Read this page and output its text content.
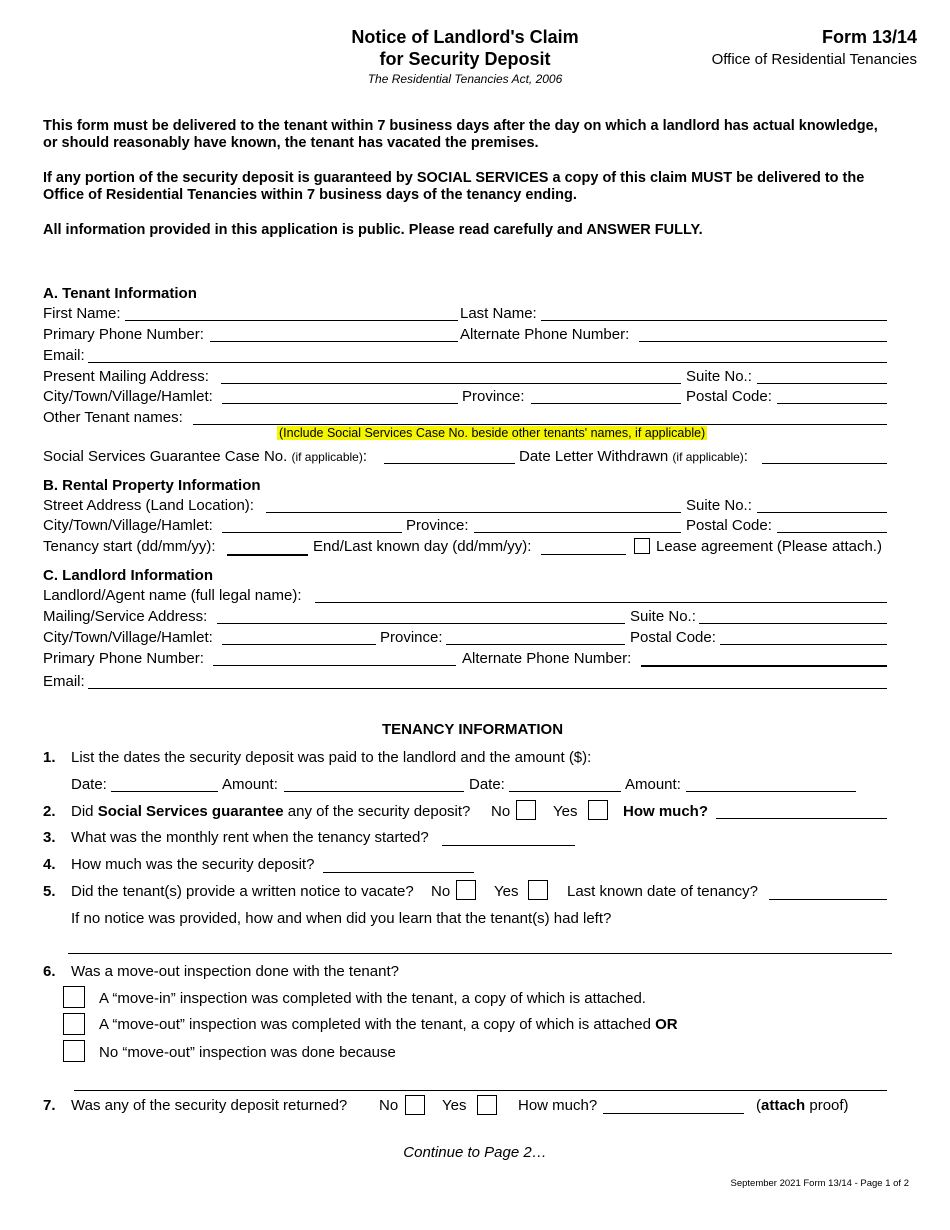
Notice of Landlord's Claim
for Security Deposit
The Residential Tenancies Act, 2006
Form 13/14
Office of Residential Tenancies
This form must be delivered to the tenant within 7 business days after the day on which a landlord has actual knowledge, or should reasonably have known, the tenant has vacated the premises.
If any portion of the security deposit is guaranteed by SOCIAL SERVICES a copy of this claim MUST be delivered to the Office of Residential Tenancies within 7 business days of the tenancy ending.
All information provided in this application is public. Please read carefully and ANSWER FULLY.
A. Tenant Information
First Name:	Last Name:
Primary Phone Number:	Alternate Phone Number:
Email:
Present Mailing Address:	Suite No.:
City/Town/Village/Hamlet:	Province:	Postal Code:
Other Tenant names:
(Include Social Services Case No. beside other tenants' names, if applicable)
Social Services Guarantee Case No. (if applicable):	Date Letter Withdrawn (if applicable):
B. Rental Property Information
Street Address (Land Location):	Suite No.:
City/Town/Village/Hamlet:	Province:	Postal Code:
Tenancy start (dd/mm/yy):	End/Last known day (dd/mm/yy):	Lease agreement (Please attach.)
C. Landlord Information
Landlord/Agent name (full legal name):
Mailing/Service Address:	Suite No.:
City/Town/Village/Hamlet:	Province:	Postal Code:
Primary Phone Number:	Alternate Phone Number:
Email:
TENANCY INFORMATION
1. List the dates the security deposit was paid to the landlord and the amount ($):
Date:	Amount:	Date:	Amount:
2. Did Social Services guarantee any of the security deposit? No	Yes	How much?
3. What was the monthly rent when the tenancy started?
4. How much was the security deposit?
5. Did the tenant(s) provide a written notice to vacate? No	Yes	Last known date of tenancy?
If no notice was provided, how and when did you learn that the tenant(s) had left?
6. Was a move-out inspection done with the tenant?
A “move-in” inspection was completed with the tenant, a copy of which is attached.
A “move-out” inspection was completed with the tenant, a copy of which is attached OR
No “move-out” inspection was done because
7. Was any of the security deposit returned? No	Yes	How much?	(attach proof)
Continue to Page 2…
September 2021 Form 13/14 - Page 1 of 2
